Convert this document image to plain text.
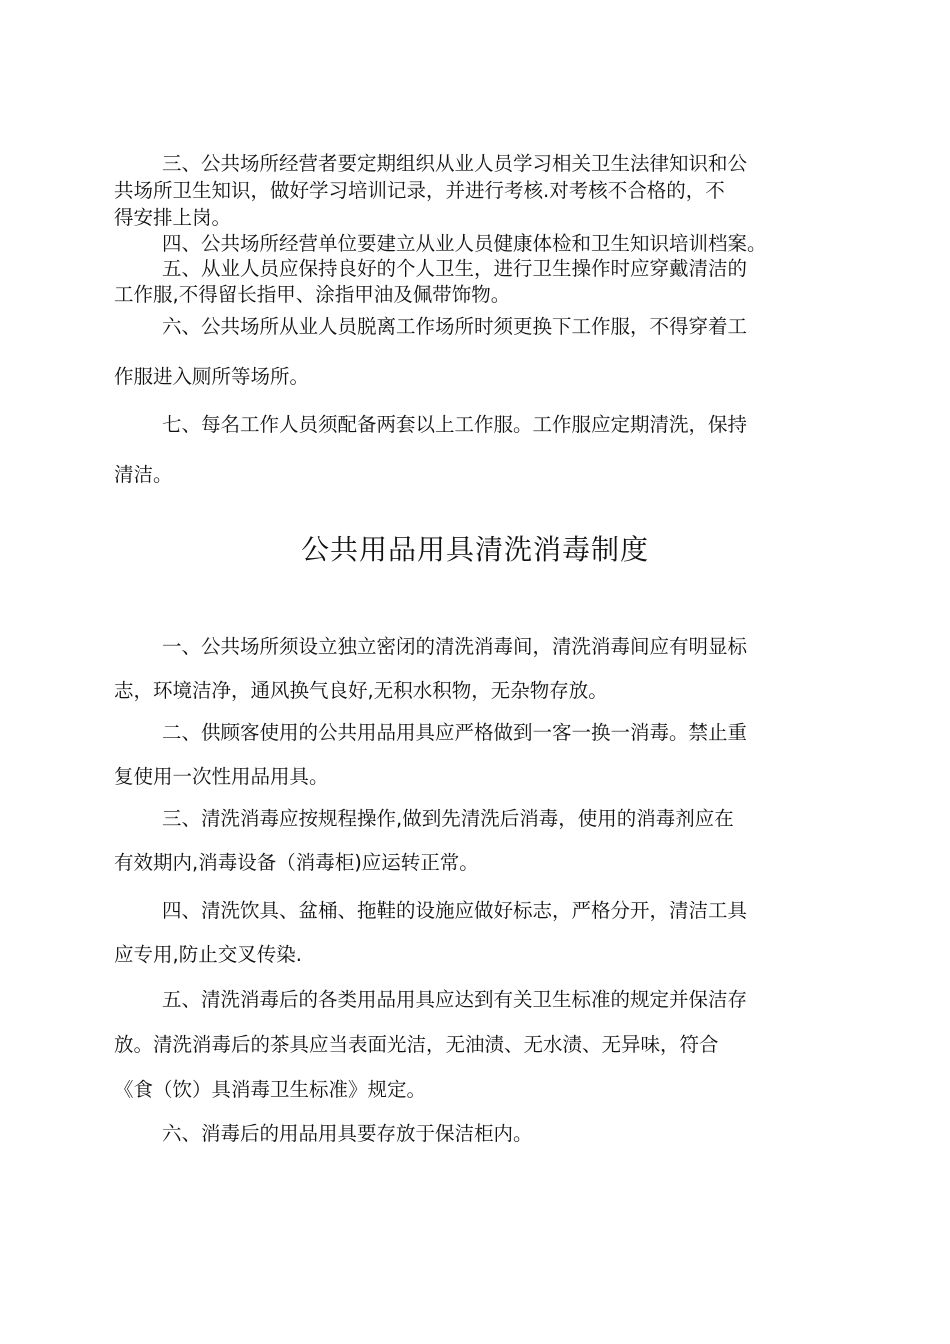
三、公共场所经营者要定期组织从业人员学习相关卫生法律知识和公
共场所卫生知识，做好学习培训记录，并进行考核.对考核不合格的，不
得安排上岗。
四、公共场所经营单位要建立从业人员健康体检和卫生知识培训档案。
五、从业人员应保持良好的个人卫生，进行卫生操作时应穿戴清洁的
工作服,不得留长指甲、涂指甲油及佩带饰物。
六、公共场所从业人员脱离工作场所时须更换下工作服，不得穿着工
作服进入厕所等场所。
七、每名工作人员须配备两套以上工作服。工作服应定期清洗，保持
清洁。
公共用品用具清洗消毒制度
一、公共场所须设立独立密闭的清洗消毒间，清洗消毒间应有明显标
志，环境洁净，通风换气良好,无积水积物，无杂物存放。
二、供顾客使用的公共用品用具应严格做到一客一换一消毒。禁止重
复使用一次性用品用具。
三、清洗消毒应按规程操作,做到先清洗后消毒，使用的消毒剂应在
有效期内,消毒设备（消毒柜)应运转正常。
四、清洗饮具、盆桶、拖鞋的设施应做好标志，严格分开，清洁工具
应专用,防止交叉传染.
五、清洗消毒后的各类用品用具应达到有关卫生标准的规定并保洁存
放。清洗消毒后的茶具应当表面光洁，无油渍、无水渍、无异味，符合
《食（饮）具消毒卫生标准》规定。
六、消毒后的用品用具要存放于保洁柜内。
